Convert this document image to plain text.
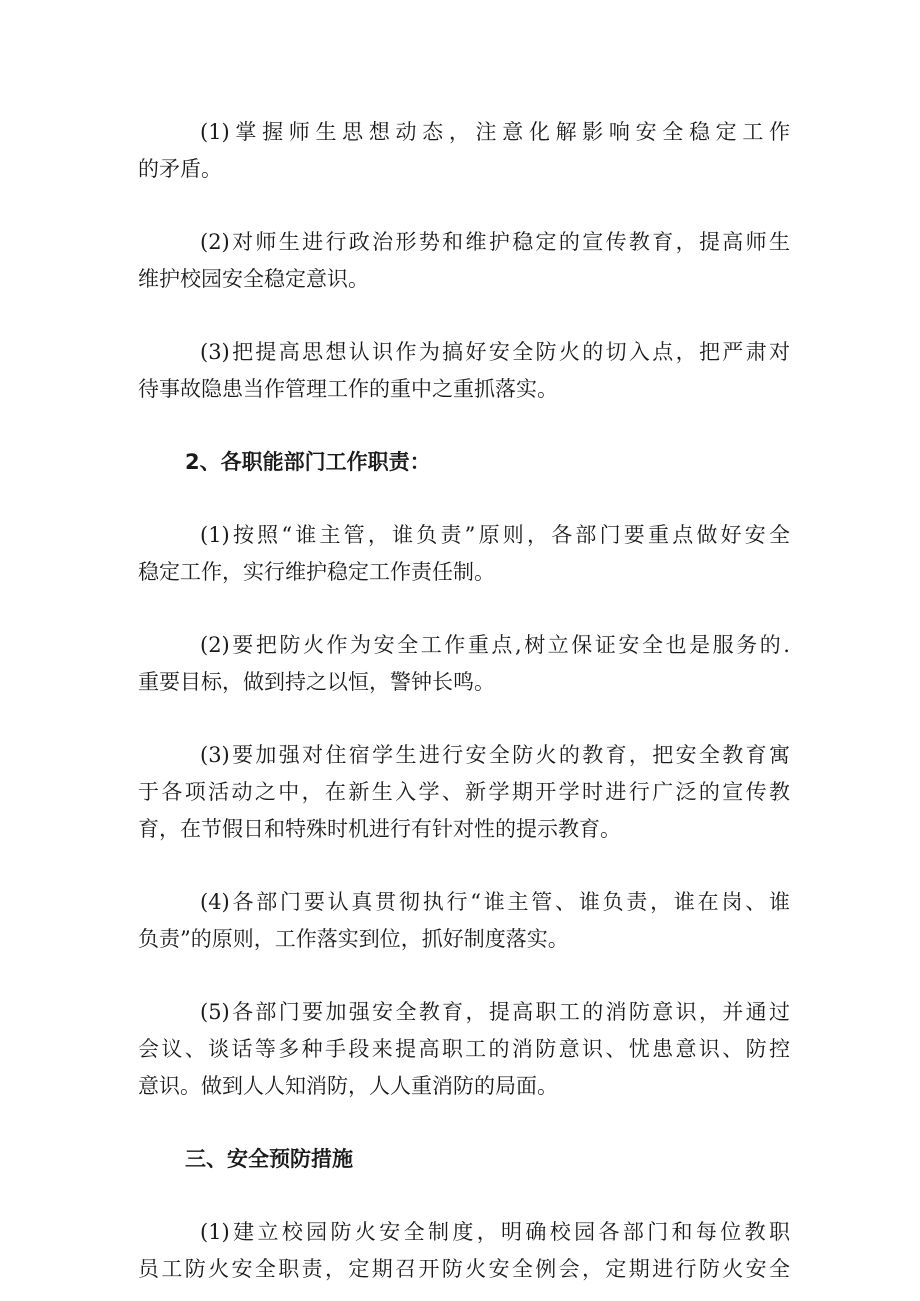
(1)掌握师生思想动态，注意化解影响安全稳定工作
的矛盾。
(2)对师生进行政治形势和维护稳定的宣传教育，提高师生
维护校园安全稳定意识。
(3)把提高思想认识作为搞好安全防火的切入点，把严肃对
待事故隐患当作管理工作的重中之重抓落实。
2、各职能部门工作职责：
(1)按照“谁主管，谁负责”原则，各部门要重点做好安全
稳定工作，实行维护稳定工作责任制。
(2)要把防火作为安全工作重点,树立保证安全也是服务的.
重要目标，做到持之以恒，警钟长鸣。
(3)要加强对住宿学生进行安全防火的教育，把安全教育寓
于各项活动之中，在新生入学、新学期开学时进行广泛的宣传教
育，在节假日和特殊时机进行有针对性的提示教育。
(4)各部门要认真贯彻执行“谁主管、谁负责，谁在岗、谁
负责”的原则，工作落实到位，抓好制度落实。
(5)各部门要加强安全教育，提高职工的消防意识，并通过
会议、谈话等多种手段来提高职工的消防意识、忧患意识、防控
意识。做到人人知消防，人人重消防的局面。
三、安全预防措施
(1)建立校园防火安全制度，明确校园各部门和每位教职
员工防火安全职责，定期召开防火安全例会，定期进行防火安全
